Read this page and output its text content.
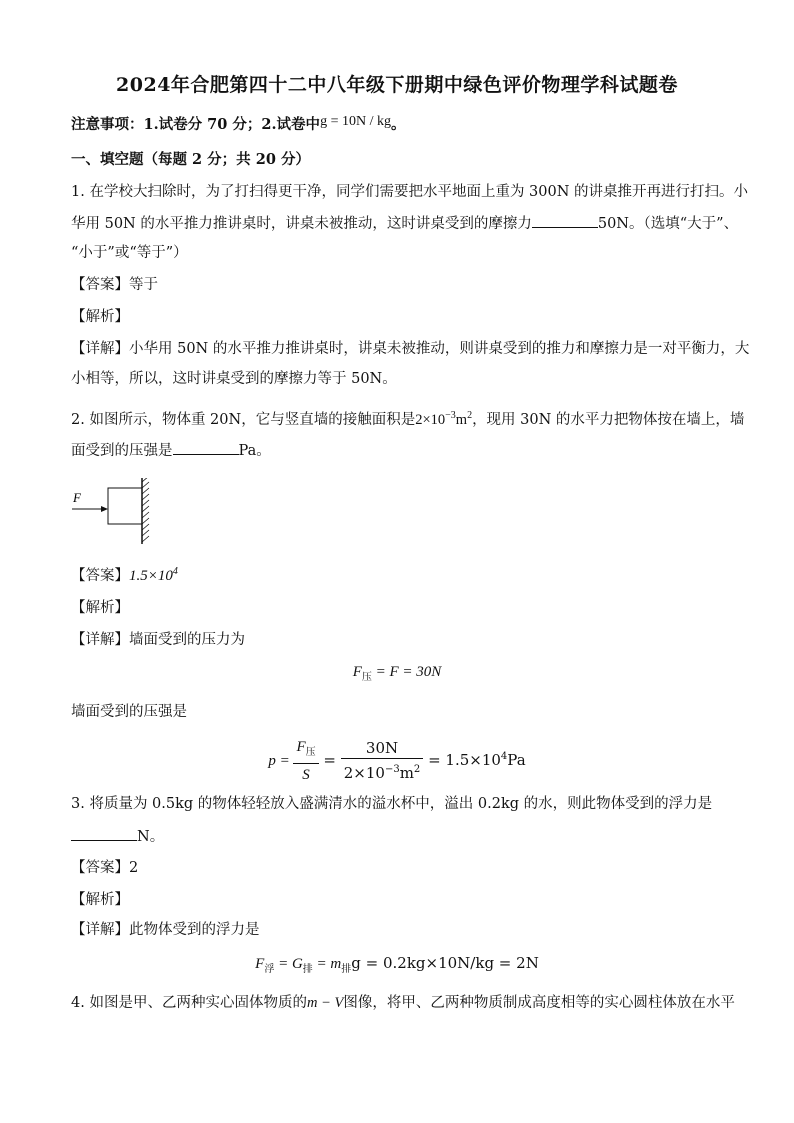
2024年合肥第四十二中八年级下册期中绿色评价物理学科试题卷
注意事项：1.试卷分 70 分；2.试卷中g = 10N / kg。
一、填空题（每题 2 分；共 20 分）
1. 在学校大扫除时，为了打扫得更干净，同学们需要把水平地面上重为 300N 的讲桌推开再进行打扫。小
华用 50N 的水平推力推讲桌时，讲桌未被推动，这时讲桌受到的摩擦力	50N。（选填“大于”、
“小于”或“等于”）
【答案】等于
【解析】
【详解】小华用 50N 的水平推力推讲桌时，讲桌未被推动，则讲桌受到的推力和摩擦力是一对平衡力，大
小相等，所以，这时讲桌受到的摩擦力等于 50N。
2. 如图所示，物体重 20N，它与竖直墙的接触面积是$2\times 10^{-3}m^2$，现用 30N 的水平力把物体按在墙上，墙
面受到的压强是	Pa。
F
【答案】$1.5\times 10^4$
【解析】
【详解】墙面受到的压力为
$F_压 = F = 30N$
墙面受到的压强是
$p = \frac{F_压}{S} = \frac{30N}{2\times 10^{-3}m^2} = 1.5\times 10^4Pa$
3. 将质量为 0.5kg 的物体轻轻放入盛满清水的溢水杯中，溢出 0.2kg 的水，则此物体受到的浮力是
N。
【答案】2
【解析】
【详解】此物体受到的浮力是
$F_浮 = G_排 = m_排g = 0.2kg\times 10N/kg = 2N$
4. 如图是甲、乙两种实心固体物质的m − V图像，将甲、乙两种物质制成高度相等的实心圆柱体放在水平
